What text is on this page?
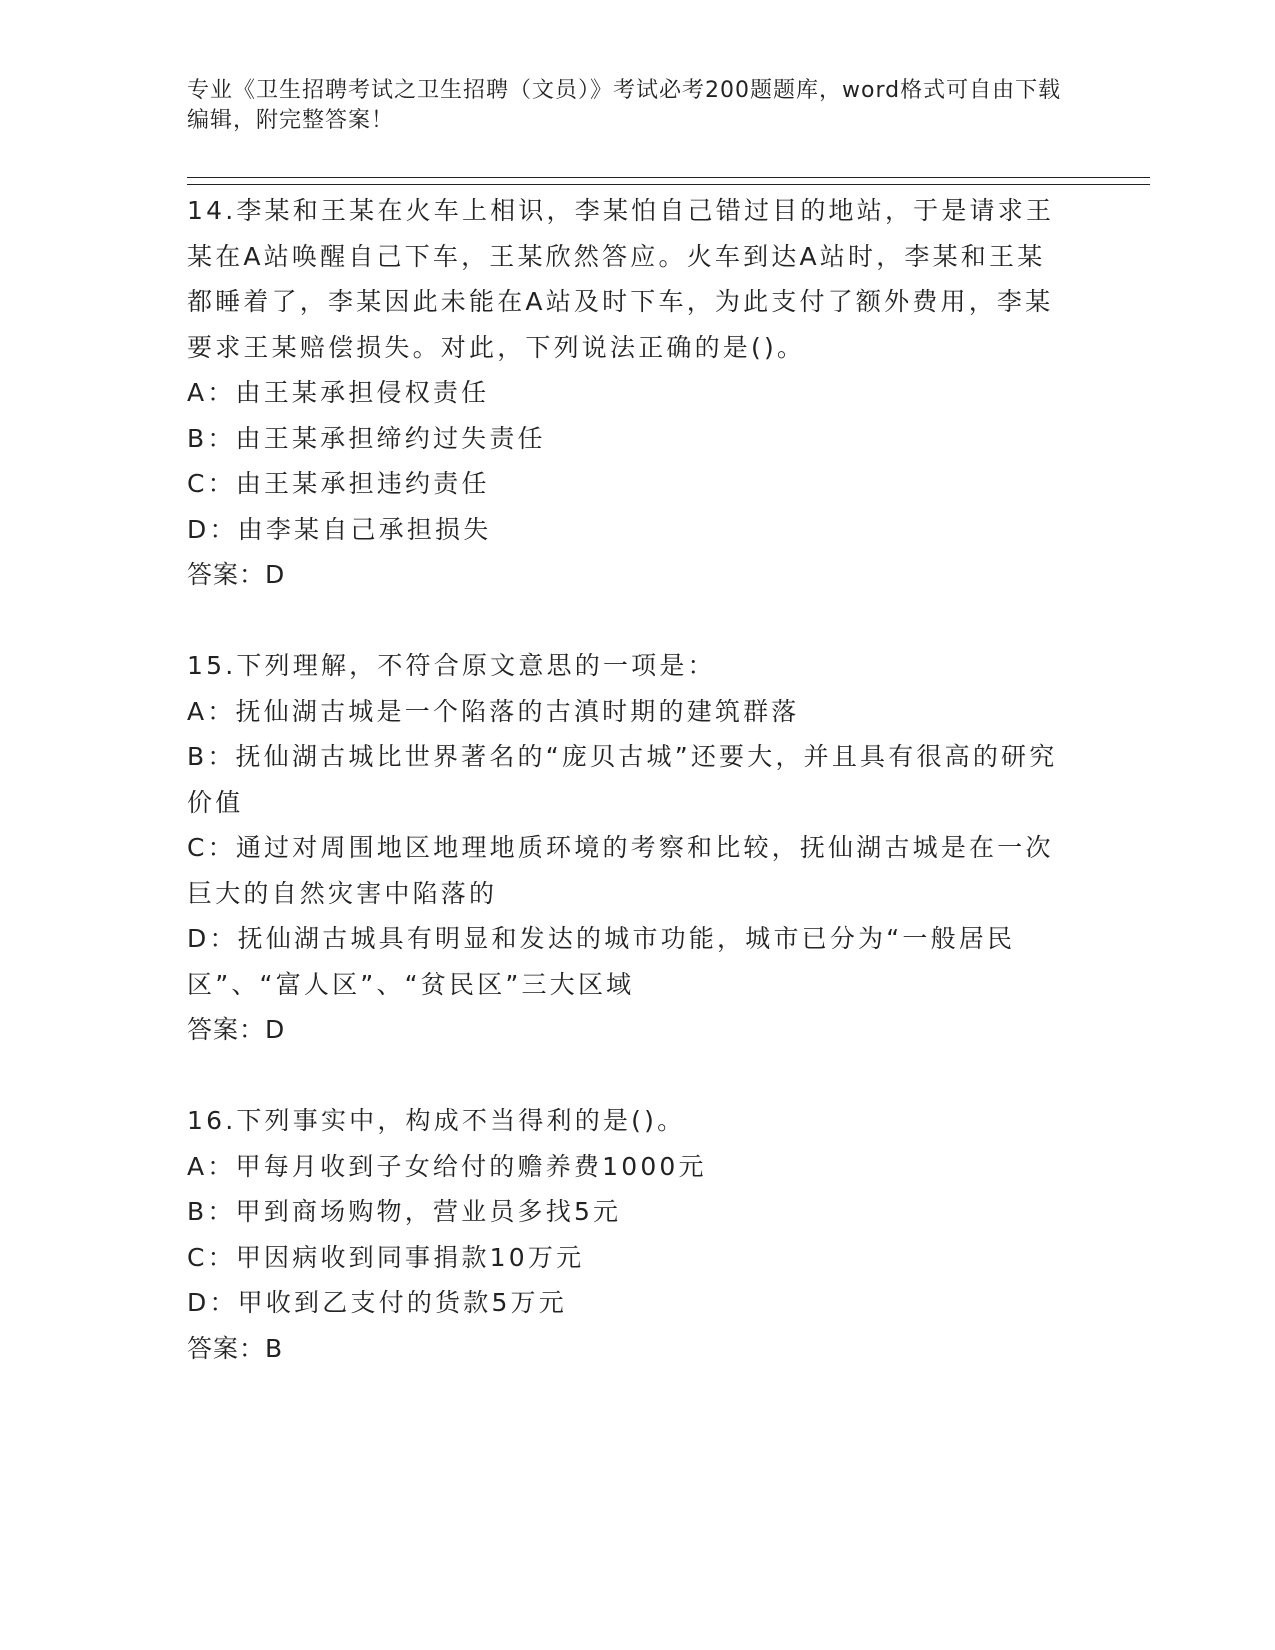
专业《卫生招聘考试之卫生招聘（文员）》考试必考200题题库，word格式可自由下载编辑，附完整答案！
14.李某和王某在火车上相识，李某怕自己错过目的地站，于是请求王某在A站唤醒自己下车，王某欣然答应。火车到达A站时，李某和王某都睡着了，李某因此未能在A站及时下车，为此支付了额外费用，李某要求王某赔偿损失。对此，下列说法正确的是()。
A：由王某承担侵权责任
B：由王某承担缔约过失责任
C：由王某承担违约责任
D：由李某自己承担损失
答案：D
15.下列理解，不符合原文意思的一项是：
A：抚仙湖古城是一个陷落的古滇时期的建筑群落
B：抚仙湖古城比世界著名的“庞贝古城”还要大，并且具有很高的研究价值
C：通过对周围地区地理地质环境的考察和比较，抚仙湖古城是在一次巨大的自然灾害中陷落的
D：抚仙湖古城具有明显和发达的城市功能，城市已分为“一般居民区”、“富人区”、“贫民区”三大区域
答案：D
16.下列事实中，构成不当得利的是()。
A：甲每月收到子女给付的赡养费1000元
B：甲到商场购物，营业员多找5元
C：甲因病收到同事捐款10万元
D：甲收到乙支付的货款5万元
答案：B
